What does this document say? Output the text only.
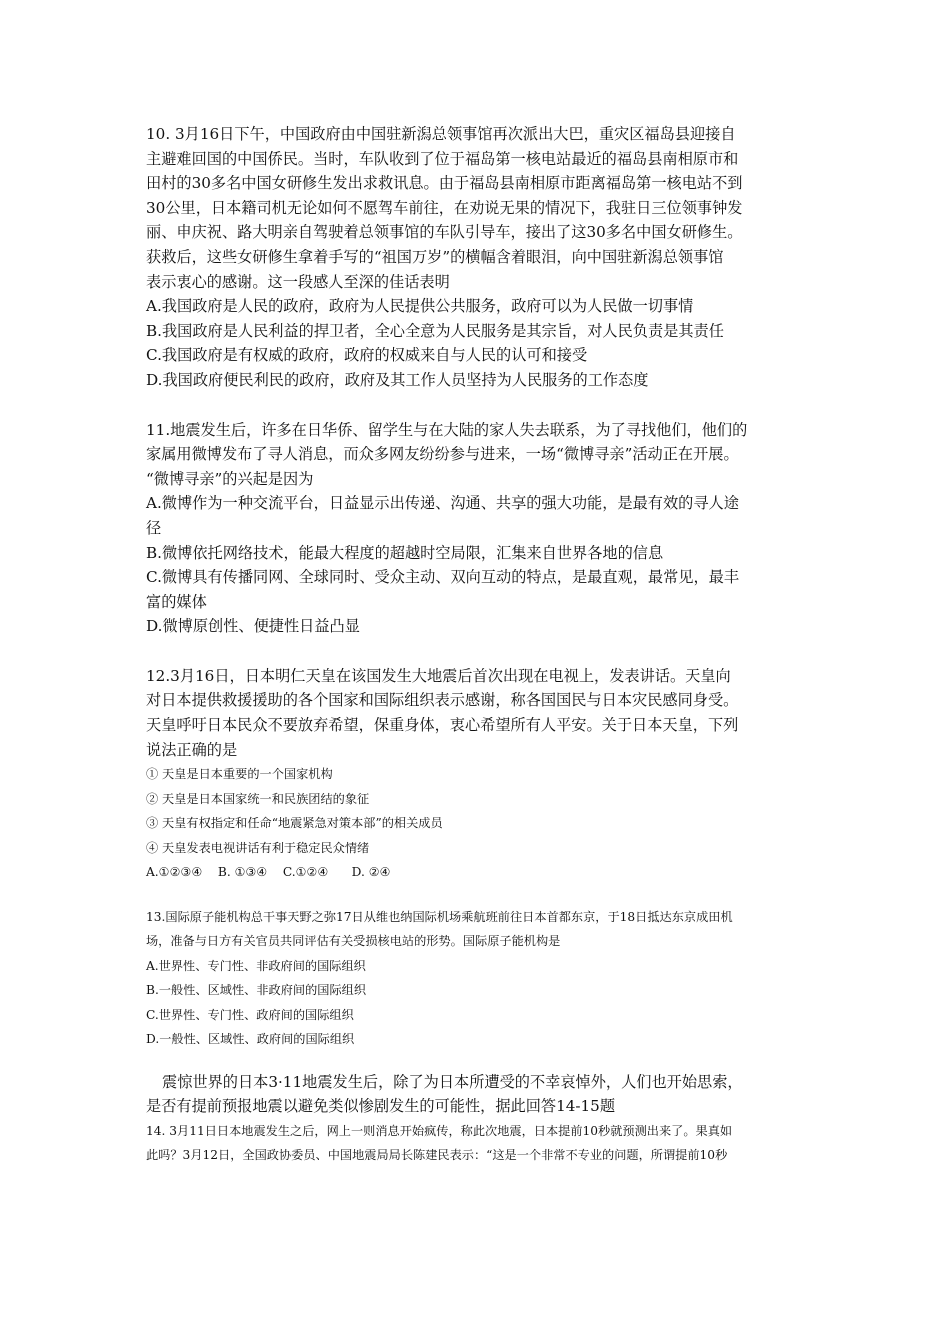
10. 3月16日下午，中国政府由中国驻新潟总领事馆再次派出大巴，重灾区福岛县迎接自
主避难回国的中国侨民。当时，车队收到了位于福岛第一核电站最近的福岛县南相原市和
田村的30多名中国女研修生发出求救讯息。由于福岛县南相原市距离福岛第一核电站不到
30公里，日本籍司机无论如何不愿驾车前往，在劝说无果的情况下，我驻日三位领事钟发
丽、申庆祝、路大明亲自驾驶着总领事馆的车队引导车，接出了这30多名中国女研修生。
获救后，这些女研修生拿着手写的“祖国万岁”的横幅含着眼泪，向中国驻新潟总领事馆
表示衷心的感谢。这一段感人至深的佳话表明
A.我国政府是人民的政府，政府为人民提供公共服务，政府可以为人民做一切事情
B.我国政府是人民利益的捍卫者，全心全意为人民服务是其宗旨，对人民负责是其责任
C.我国政府是有权威的政府，政府的权威来自与人民的认可和接受
D.我国政府便民利民的政府，政府及其工作人员坚持为人民服务的工作态度
11.地震发生后，许多在日华侨、留学生与在大陆的家人失去联系，为了寻找他们，他们的
家属用微博发布了寻人消息，而众多网友纷纷参与进来，一场“微博寻亲”活动正在开展。
“微博寻亲”的兴起是因为
A.微博作为一种交流平台，日益显示出传递、沟通、共享的强大功能，是最有效的寻人途
径
B.微博依托网络技术，能最大程度的超越时空局限，汇集来自世界各地的信息
C.微博具有传播同网、全球同时、受众主动、双向互动的特点，是最直观，最常见，最丰
富的媒体
D.微博原创性、便捷性日益凸显
12.3月16日，日本明仁天皇在该国发生大地震后首次出现在电视上，发表讲话。天皇向
对日本提供救援援助的各个国家和国际组织表示感谢，称各国国民与日本灾民感同身受。
天皇呼吁日本民众不要放弃希望，保重身体，衷心希望所有人平安。关于日本天皇，下列
说法正确的是
① 天皇是日本重要的一个国家机构
② 天皇是日本国家统一和民族团结的象征
③ 天皇有权指定和任命“地震紧急对策本部”的相关成员
④ 天皇发表电视讲话有利于稳定民众情绪
A.①②③④    B. ①③④    C.①②④      D. ②④
13.国际原子能机构总干事天野之弥17日从维也纳国际机场乘航班前往日本首都东京，于18日抵达东京成田机
场，准备与日方有关官员共同评估有关受损核电站的形势。国际原子能机构是
A.世界性、专门性、非政府间的国际组织
B.一般性、区域性、非政府间的国际组织
C.世界性、专门性、政府间的国际组织
D.一般性、区域性、政府间的国际组织
震惊世界的日本3·11地震发生后，除了为日本所遭受的不幸哀悼外，人们也开始思索，
是否有提前预报地震以避免类似惨剧发生的可能性，据此回答14-15题
14. 3月11日日本地震发生之后，网上一则消息开始疯传，称此次地震，日本提前10秒就预测出来了。果真如
此吗？3月12日，全国政协委员、中国地震局局长陈建民表示：“这是一个非常不专业的问题，所谓提前10秒
